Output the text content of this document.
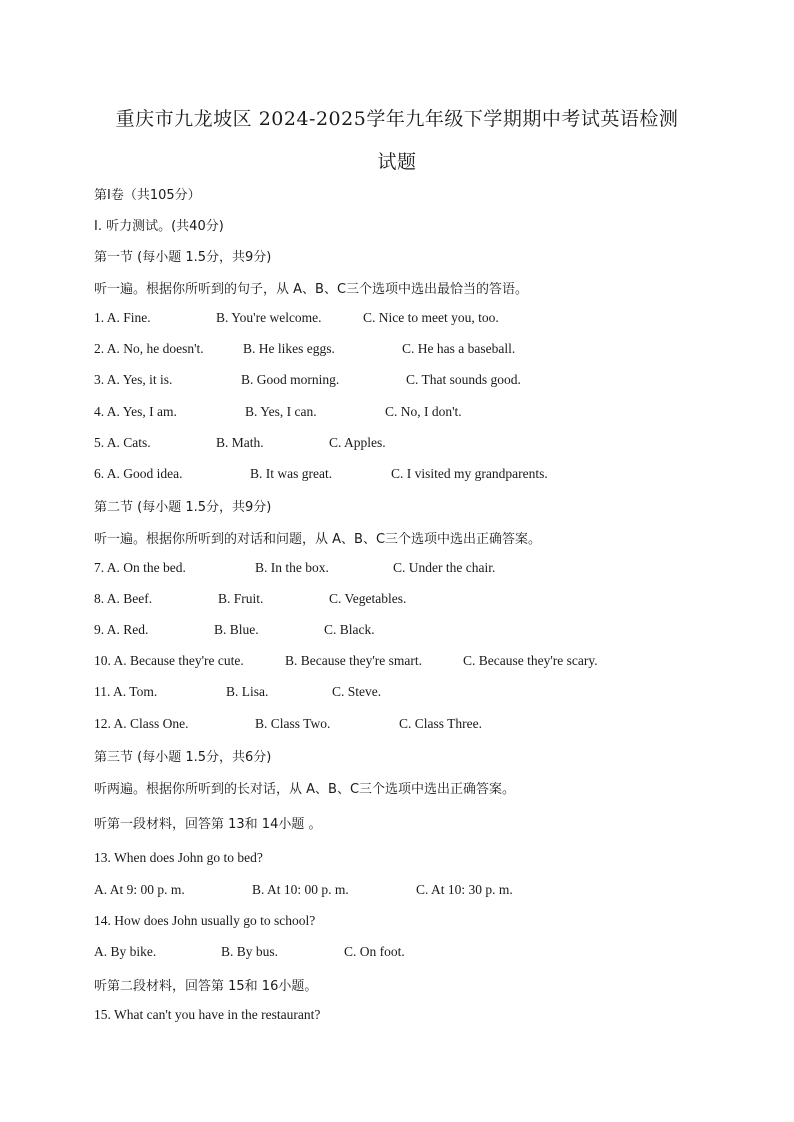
重庆市九龙坡区 2024-2025学年九年级下学期期中考试英语检测
试题
第Ⅰ卷（共105分）
Ⅰ. 听力测试。(共40分)
第一节 (每小题 1.5分，共9分)
听一遍。根据你所听到的句子，从 A、B、C三个选项中选出最恰当的答语。
1. A. Fine.	B. You're welcome.	C. Nice to meet you, too.
2. A. No, he doesn't.	B. He likes eggs.	C. He has a baseball.
3. A. Yes, it is.	B. Good morning.	C. That sounds good.
4. A. Yes, I am.	B. Yes, I can.	C. No, I don't.
5. A. Cats.	B. Math.	C. Apples.
6. A. Good idea.	B. It was great.	C. I visited my grandparents.
第二节 (每小题 1.5分，共9分)
听一遍。根据你所听到的对话和问题，从 A、B、C三个选项中选出正确答案。
7. A. On the bed.	B. In the box.	C. Under the chair.
8. A. Beef.	B. Fruit.	C. Vegetables.
9. A. Red.	B. Blue.	C. Black.
10. A. Because they're cute.	B. Because they're smart.	C. Because they're scary.
11. A. Tom.	B. Lisa.	C. Steve.
12. A. Class One.	B. Class Two.	C. Class Three.
第三节 (每小题 1.5分，共6分)
听两遍。根据你所听到的长对话，从 A、B、C三个选项中选出正确答案。
听第一段材料，回答第 13和 14小题 。
13. When does John go to bed?
A. At 9: 00 p. m.	B. At 10: 00 p. m.	C. At 10: 30 p. m.
14. How does John usually go to school?
A. By bike.	B. By bus.	C. On foot.
听第二段材料，回答第 15和 16小题。
15. What can't you have in the restaurant?
